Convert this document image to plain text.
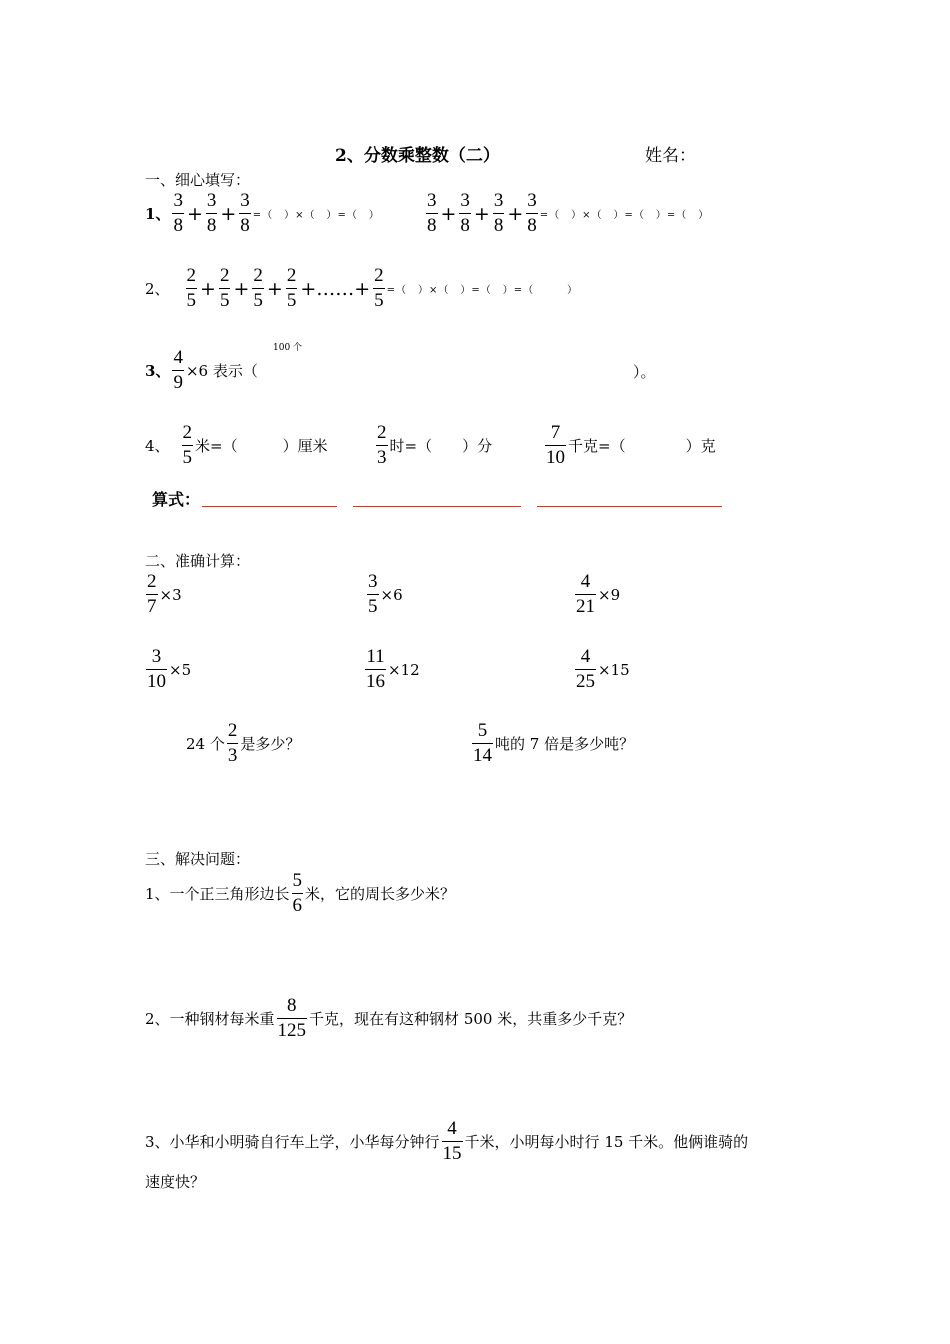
2、分数乘整数（二）	姓名：
一、细心填写：
1、 $\frac{3}{8} + \frac{3}{8} + \frac{3}{8}$ =（　）×（　）=（　） $\frac{3}{8} + \frac{3}{8} + \frac{3}{8} + \frac{3}{8}$ =（　）×（　）=（　）=（　）
2、 $\frac{2}{5} + \frac{2}{5} + \frac{2}{5} + \frac{2}{5}$ +……+ $\frac{2}{5}$ =（　）×（　）=（　）=（　　　）
100 个
3、 $\frac{4}{9} \times 6$ 表示（	）。
4、 $\frac{2}{5}$ 米=（　　　）厘米	$\frac{2}{3}$ 时=（　　）分	$\frac{7}{10}$ 千克=（　　　　）克
算式：
二、准确计算：
$\frac{2}{7} \times 3$	$\frac{3}{5} \times 6$	$\frac{4}{21} \times 9$
$\frac{3}{10} \times 5$	$\frac{11}{16} \times 12$	$\frac{4}{25} \times 15$
24 个 $\frac{2}{3}$ 是多少？	$\frac{5}{14}$ 吨的 7 倍是多少吨？
三、解决问题：
1、一个正三角形边长 $\frac{5}{6}$ 米，它的周长多少米？
2、一种钢材每米重 $\frac{8}{125}$ 千克，现在有这种钢材 500 米，共重多少千克？
3、小华和小明骑自行车上学，小华每分钟行 $\frac{4}{15}$ 千米，小明每小时行 15 千米。他俩谁骑的
速度快？
